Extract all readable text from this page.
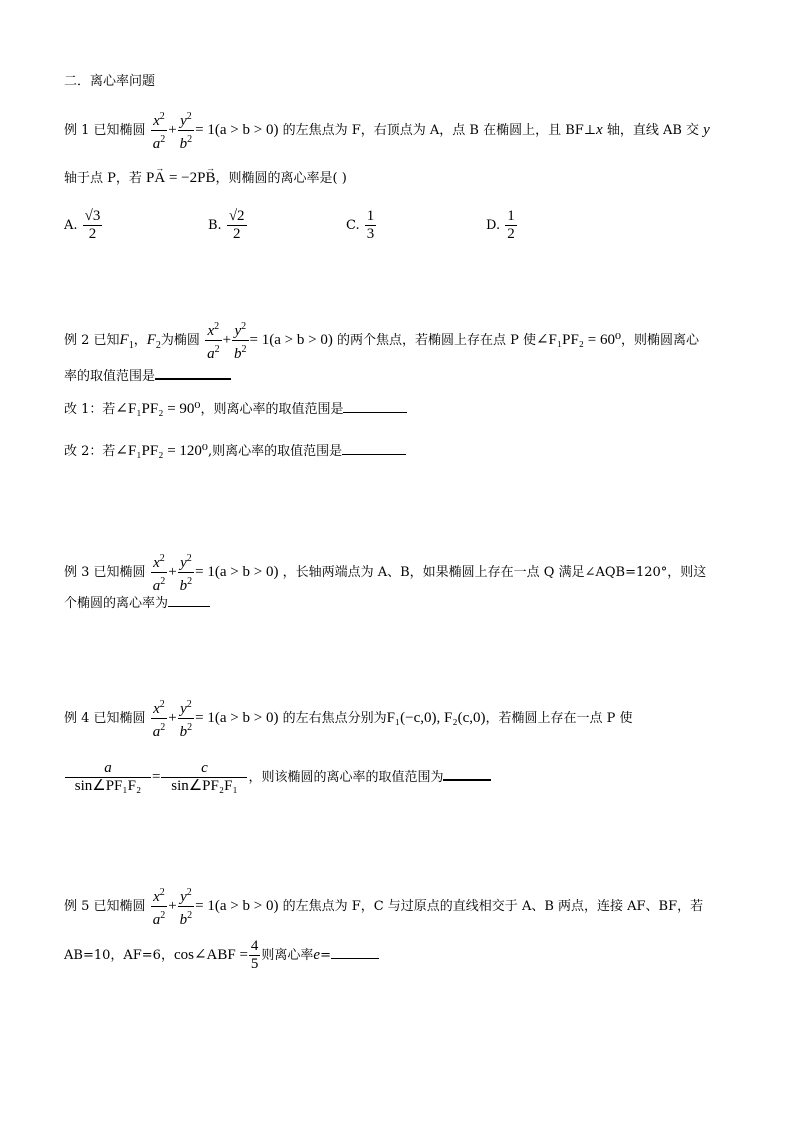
二．离心率问题
例 1 已知椭圆 $\frac{x^2}{a^2} + \frac{y^2}{b^2} = 1(a > b > 0)$ 的左焦点为 F，右顶点为 A，点 B 在椭圆上，且 BF⊥x 轴，直线 AB 交 y
轴于点 P，若 P→ A = −2P→ B，则椭圆的离心率是( )
A. $\frac{√3}{2}$	B. $\frac{√2}{2}$	C. $\frac{1}{3}$	D. $\frac{1}{2}$
例 2 已知$F_1$，$F_2$为椭圆 $\frac{x^2}{a^2} + \frac{y^2}{b^2} = 1(a > b > 0)$ 的两个焦点，若椭圆上存在点 P 使∠F₁PF₂ = 60⁰，则椭圆离心
率的取值范围是
改 1：若∠F₁PF₂ = 90⁰，则离心率的取值范围是
改 2：若∠F₁PF₂ = 120⁰,则离心率的取值范围是
例 3 已知椭圆 $\frac{x^2}{a^2} + \frac{y^2}{b^2} = 1(a > b > 0)$ ，长轴两端点为 A、B，如果椭圆上存在一点 Q 满足∠AQB=120°，则这
个椭圆的离心率为
例 4 已知椭圆 $\frac{x^2}{a^2} + \frac{y^2}{b^2} = 1(a > b > 0)$ 的左右焦点分别为F₁(−c,0), F₂(c,0)，若椭圆上存在一点 P 使
$\frac{a}{\text{sin∠PF₁F₂}} = \frac{c}{\text{sin∠PF₂F₁}}$ ，则该椭圆的离心率的取值范围为
例 5 已知椭圆 $\frac{x^2}{a^2} + \frac{y^2}{b^2} = 1(a > b > 0)$ 的左焦点为 F，C 与过原点的直线相交于 A、B 两点，连接 AF、BF，若
AB=10，AF=6，cos∠ABF = $\frac{4}{5}$ 则离心率e=
